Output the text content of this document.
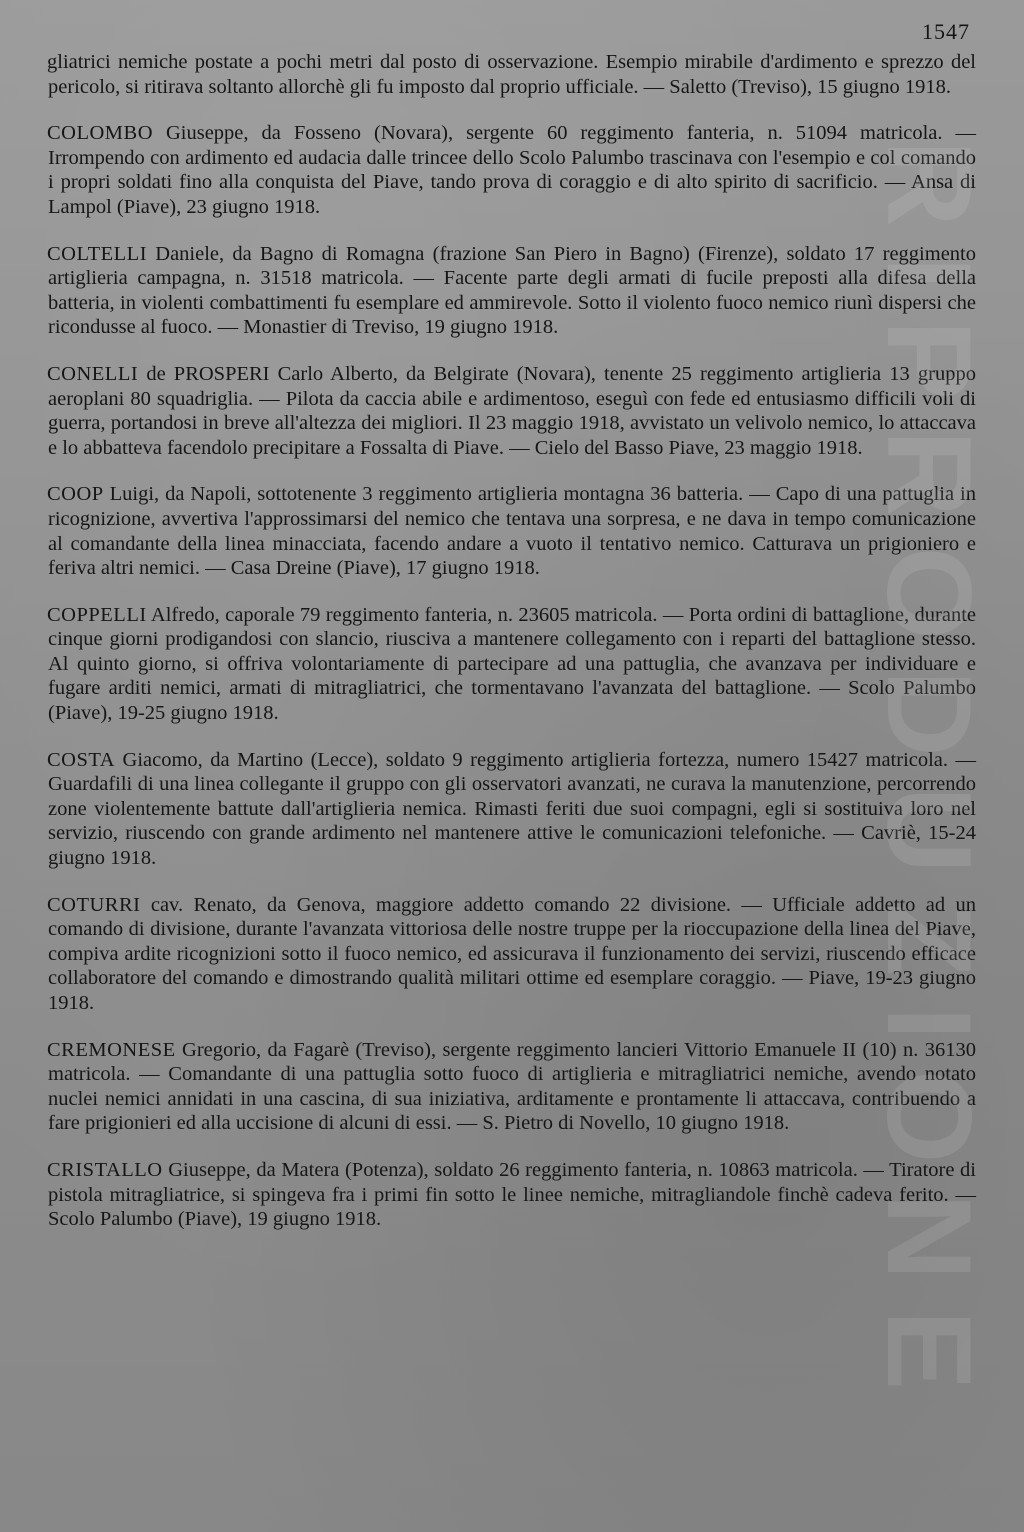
RIPRODUZIONE
1547

gliatrici nemiche postate a pochi metri dal posto di osservazione. Esempio mirabile d'ardimento e sprezzo del pericolo, si ritirava soltanto allorchè gli fu imposto dal proprio ufficiale. — Saletto (Treviso), 15 giugno 1918.

COLOMBO Giuseppe, da Fosseno (Novara), sergente 60 reggimento fanteria, n. 51094 matricola. — Irrompendo con ardimento ed audacia dalle trincee dello Scolo Palumbo trascinava con l'esempio e col comando i propri soldati fino alla conquista del Piave, tando prova di coraggio e di alto spirito di sacrificio. — Ansa di Lampol (Piave), 23 giugno 1918.

COLTELLI Daniele, da Bagno di Romagna (frazione San Piero in Bagno) (Firenze), soldato 17 reggimento artiglieria campagna, n. 31518 matricola. — Facente parte degli armati di fucile preposti alla difesa della batteria, in violenti combattimenti fu esemplare ed ammirevole. Sotto il violento fuoco nemico riunì dispersi che ricondusse al fuoco. — Monastier di Treviso, 19 giugno 1918.

CONELLI de PROSPERI Carlo Alberto, da Belgirate (Novara), tenente 25 reggimento artiglieria 13 gruppo aeroplani 80 squadriglia. — Pilota da caccia abile e ardimentoso, eseguì con fede ed entusiasmo difficili voli di guerra, portandosi in breve all'altezza dei migliori. Il 23 maggio 1918, avvistato un velivolo nemico, lo attaccava e lo abbatteva facendolo precipitare a Fossalta di Piave. — Cielo del Basso Piave, 23 maggio 1918.

COOP Luigi, da Napoli, sottotenente 3 reggimento artiglieria montagna 36 batteria. — Capo di una pattuglia in ricognizione, avvertiva l'approssimarsi del nemico che tentava una sorpresa, e ne dava in tempo comunicazione al comandante della linea minacciata, facendo andare a vuoto il tentativo nemico. Catturava un prigioniero e feriva altri nemici. — Casa Dreine (Piave), 17 giugno 1918.

COPPELLI Alfredo, caporale 79 reggimento fanteria, n. 23605 matricola. — Porta ordini di battaglione, durante cinque giorni prodigandosi con slancio, riusciva a mantenere collegamento con i reparti del battaglione stesso. Al quinto giorno, si offriva volontariamente di partecipare ad una pattuglia, che avanzava per individuare e fugare arditi nemici, armati di mitragliatrici, che tormentavano l'avanzata del battaglione. — Scolo Palumbo (Piave), 19-25 giugno 1918.

COSTA Giacomo, da Martino (Lecce), soldato 9 reggimento artiglieria fortezza, numero 15427 matricola. — Guardafili di una linea collegante il gruppo con gli osservatori avanzati, ne curava la manutenzione, percorrendo zone violentemente battute dall'artiglieria nemica. Rimasti feriti due suoi compagni, egli si sostituiva loro nel servizio, riuscendo con grande ardimento nel mantenere attive le comunicazioni telefoniche. — Cavriè, 15-24 giugno 1918.

COTURRI cav. Renato, da Genova, maggiore addetto comando 22 divisione. — Ufficiale addetto ad un comando di divisione, durante l'avanzata vittoriosa delle nostre truppe per la rioccupazione della linea del Piave, compiva ardite ricognizioni sotto il fuoco nemico, ed assicurava il funzionamento dei servizi, riuscendo efficace collaboratore del comando e dimostrando qualità militari ottime ed esemplare coraggio. — Piave, 19-23 giugno 1918.

CREMONESE Gregorio, da Fagarè (Treviso), sergente reggimento lancieri Vittorio Emanuele II (10) n. 36130 matricola. — Comandante di una pattuglia sotto fuoco di artiglieria e mitragliatrici nemiche, avendo notato nuclei nemici annidati in una cascina, di sua iniziativa, arditamente e prontamente li attaccava, contribuendo a fare prigionieri ed alla uccisione di alcuni di essi. — S. Pietro di Novello, 10 giugno 1918.

CRISTALLO Giuseppe, da Matera (Potenza), soldato 26 reggimento fanteria, n. 10863 matricola. — Tiratore di pistola mitragliatrice, si spingeva fra i primi fin sotto le linee nemiche, mitragliandole finchè cadeva ferito. — Scolo Palumbo (Piave), 19 giugno 1918.
